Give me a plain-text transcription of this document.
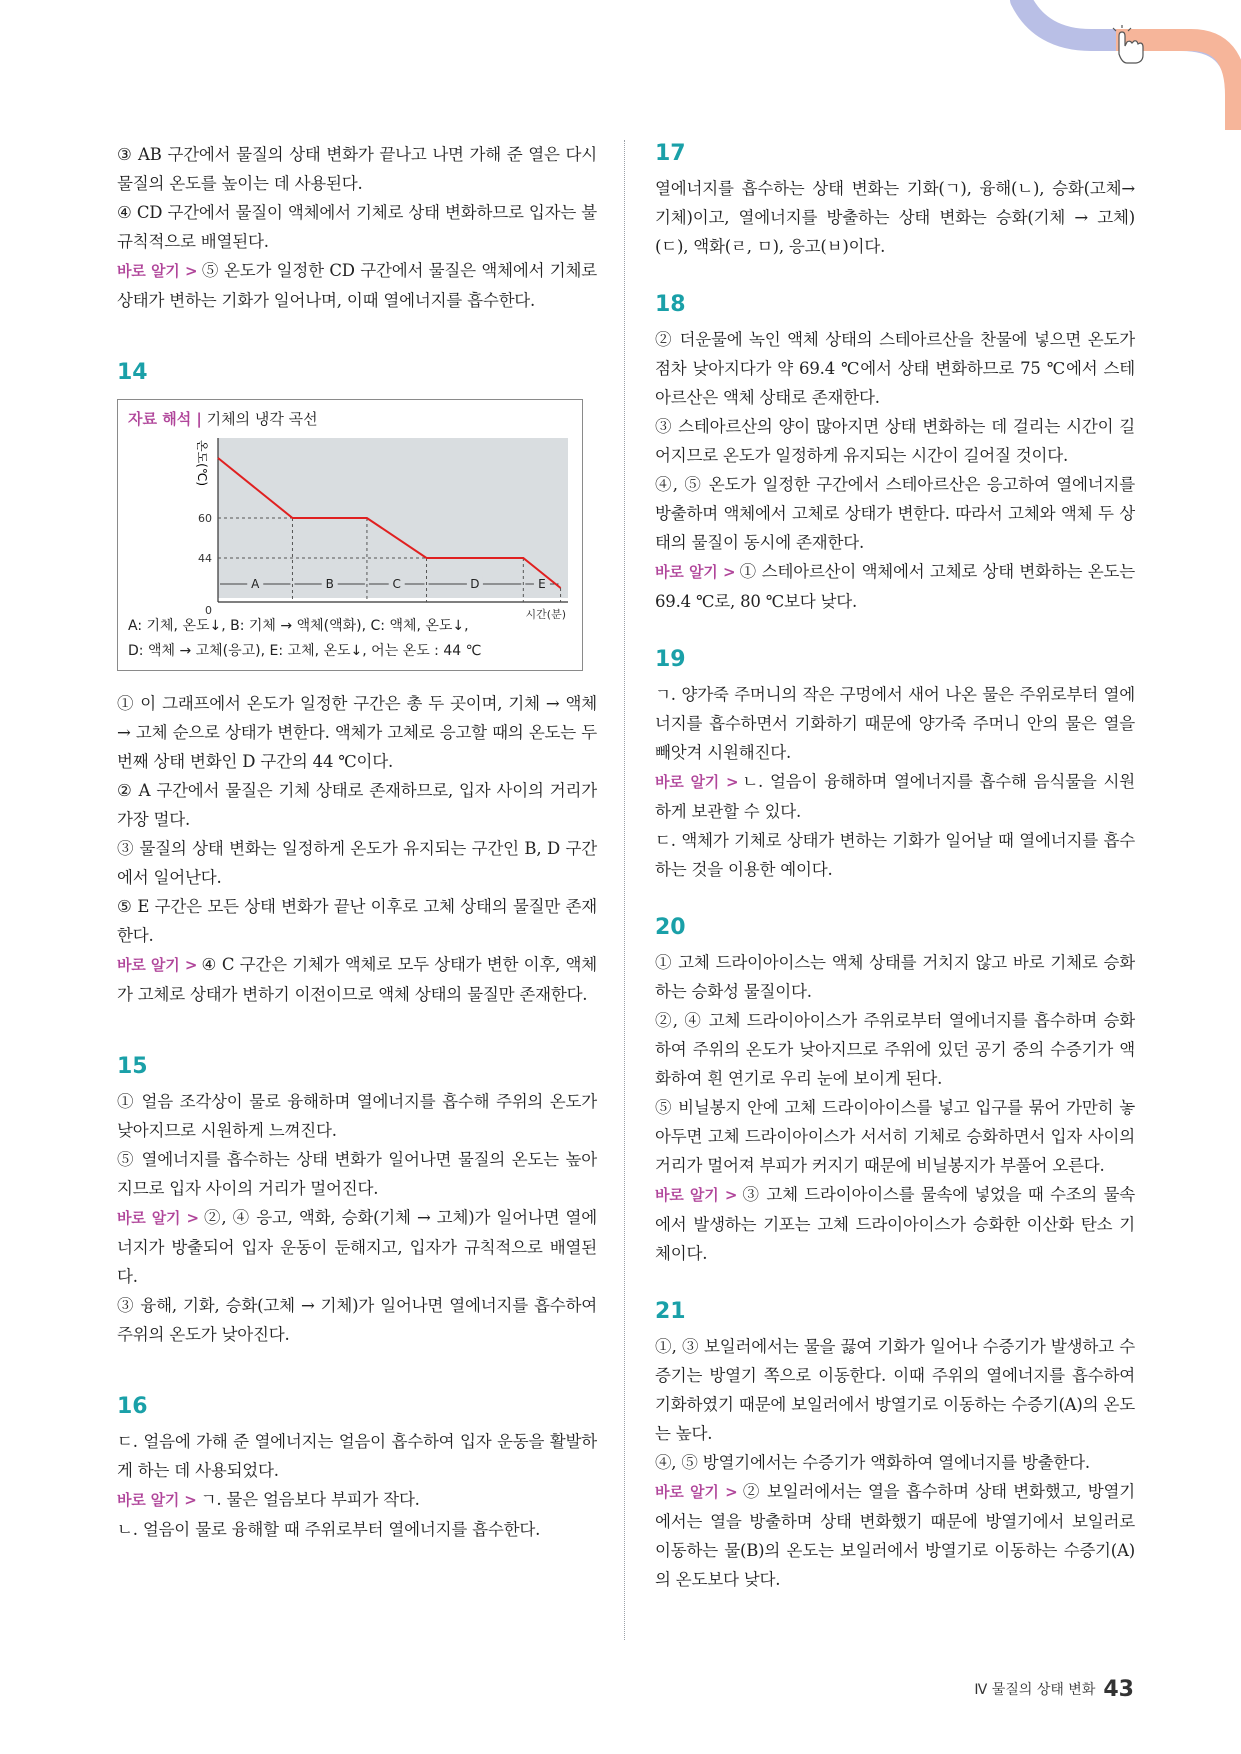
③ AB 구간에서 물질의 상태 변화가 끝나고 나면 가해 준 열은 다시 물질의 온도를 높이는 데 사용된다.

④ CD 구간에서 물질이 액체에서 기체로 상태 변화하므로 입자는 불규칙적으로 배열된다.

바로 알기 > ⑤ 온도가 일정한 CD 구간에서 물질은 액체에서 기체로 상태가 변하는 기화가 일어나며, 이때 열에너지를 흡수한다.

14
자료 해석 | 기체의 냉각 곡선
온도(℃)
60
44
0
A	B	C	D	E
시간(분)

A: 기체, 온도↓, B: 기체 → 액체(액화), C: 액체, 온도↓,

D: 액체 → 고체(응고), E: 고체, 온도↓, 어는 온도 : 44 ℃

① 이 그래프에서 온도가 일정한 구간은 총 두 곳이며, 기체 → 액체 → 고체 순으로 상태가 변한다. 액체가 고체로 응고할 때의 온도는 두 번째 상태 변화인 D 구간의 44 ℃이다.

② A 구간에서 물질은 기체 상태로 존재하므로, 입자 사이의 거리가 가장 멀다.

③ 물질의 상태 변화는 일정하게 온도가 유지되는 구간인 B, D 구간에서 일어난다.

⑤ E 구간은 모든 상태 변화가 끝난 이후로 고체 상태의 물질만 존재한다.

바로 알기 > ④ C 구간은 기체가 액체로 모두 상태가 변한 이후, 액체가 고체로 상태가 변하기 이전이므로 액체 상태의 물질만 존재한다.

15

① 얼음 조각상이 물로 융해하며 열에너지를 흡수해 주위의 온도가 낮아지므로 시원하게 느껴진다.

⑤ 열에너지를 흡수하는 상태 변화가 일어나면 물질의 온도는 높아지므로 입자 사이의 거리가 멀어진다.

바로 알기 > ②, ④ 응고, 액화, 승화(기체 → 고체)가 일어나면 열에너지가 방출되어 입자 운동이 둔해지고, 입자가 규칙적으로 배열된다.

③ 융해, 기화, 승화(고체 → 기체)가 일어나면 열에너지를 흡수하여 주위의 온도가 낮아진다.

16

ㄷ. 얼음에 가해 준 열에너지는 얼음이 흡수하여 입자 운동을 활발하게 하는 데 사용되었다.

바로 알기 > ㄱ. 물은 얼음보다 부피가 작다.

ㄴ. 얼음이 물로 융해할 때 주위로부터 열에너지를 흡수한다.

17

열에너지를 흡수하는 상태 변화는 기화(ㄱ), 융해(ㄴ), 승화(고체→ 기체)이고, 열에너지를 방출하는 상태 변화는 승화(기체 → 고체)(ㄷ), 액화(ㄹ, ㅁ), 응고(ㅂ)이다.

18

② 더운물에 녹인 액체 상태의 스테아르산을 찬물에 넣으면 온도가 점차 낮아지다가 약 69.4 ℃에서 상태 변화하므로 75 ℃에서 스테아르산은 액체 상태로 존재한다.

③ 스테아르산의 양이 많아지면 상태 변화하는 데 걸리는 시간이 길어지므로 온도가 일정하게 유지되는 시간이 길어질 것이다.

④, ⑤ 온도가 일정한 구간에서 스테아르산은 응고하여 열에너지를 방출하며 액체에서 고체로 상태가 변한다. 따라서 고체와 액체 두 상태의 물질이 동시에 존재한다.

바로 알기 > ① 스테아르산이 액체에서 고체로 상태 변화하는 온도는 69.4 ℃로, 80 ℃보다 낮다.

19

ㄱ. 양가죽 주머니의 작은 구멍에서 새어 나온 물은 주위로부터 열에너지를 흡수하면서 기화하기 때문에 양가죽 주머니 안의 물은 열을 빼앗겨 시원해진다.

바로 알기 > ㄴ. 얼음이 융해하며 열에너지를 흡수해 음식물을 시원하게 보관할 수 있다.

ㄷ. 액체가 기체로 상태가 변하는 기화가 일어날 때 열에너지를 흡수하는 것을 이용한 예이다.

20

① 고체 드라이아이스는 액체 상태를 거치지 않고 바로 기체로 승화하는 승화성 물질이다.

②, ④ 고체 드라이아이스가 주위로부터 열에너지를 흡수하며 승화하여 주위의 온도가 낮아지므로 주위에 있던 공기 중의 수증기가 액화하여 흰 연기로 우리 눈에 보이게 된다.

⑤ 비닐봉지 안에 고체 드라이아이스를 넣고 입구를 묶어 가만히 놓아두면 고체 드라이아이스가 서서히 기체로 승화하면서 입자 사이의 거리가 멀어져 부피가 커지기 때문에 비닐봉지가 부풀어 오른다.

바로 알기 > ③ 고체 드라이아이스를 물속에 넣었을 때 수조의 물속에서 발생하는 기포는 고체 드라이아이스가 승화한 이산화 탄소 기체이다.

21

①, ③ 보일러에서는 물을 끓여 기화가 일어나 수증기가 발생하고 수증기는 방열기 쪽으로 이동한다. 이때 주위의 열에너지를 흡수하여 기화하였기 때문에 보일러에서 방열기로 이동하는 수증기(A)의 온도는 높다.

④, ⑤ 방열기에서는 수증기가 액화하여 열에너지를 방출한다.

바로 알기 > ② 보일러에서는 열을 흡수하며 상태 변화했고, 방열기에서는 열을 방출하며 상태 변화했기 때문에 방열기에서 보일러로 이동하는 물(B)의 온도는 보일러에서 방열기로 이동하는 수증기(A)의 온도보다 낮다.

Ⅳ 물질의 상태 변화 43
